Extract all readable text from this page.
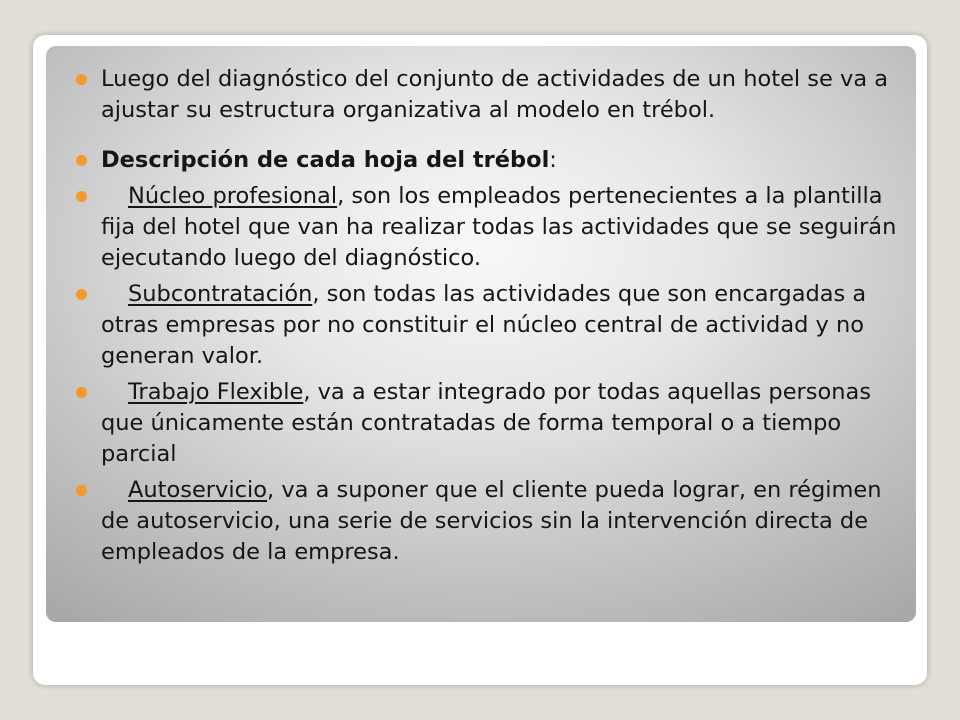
Luego del diagnóstico del conjunto de actividades de un hotel se va a ajustar su estructura organizativa al modelo en trébol.
Descripción de cada hoja del trébol:
Núcleo profesional, son los empleados pertenecientes a la plantilla fija del hotel que van ha realizar todas las actividades que se seguirán ejecutando luego del diagnóstico.
Subcontratación, son todas las actividades que son encargadas a otras empresas por no constituir el núcleo central de actividad y no generan valor.
Trabajo Flexible, va a estar integrado por todas aquellas personas que únicamente están contratadas de forma temporal o a tiempo parcial
Autoservicio, va a suponer que el cliente pueda lograr, en régimen de autoservicio, una serie de servicios sin la intervención directa de empleados de la empresa.
